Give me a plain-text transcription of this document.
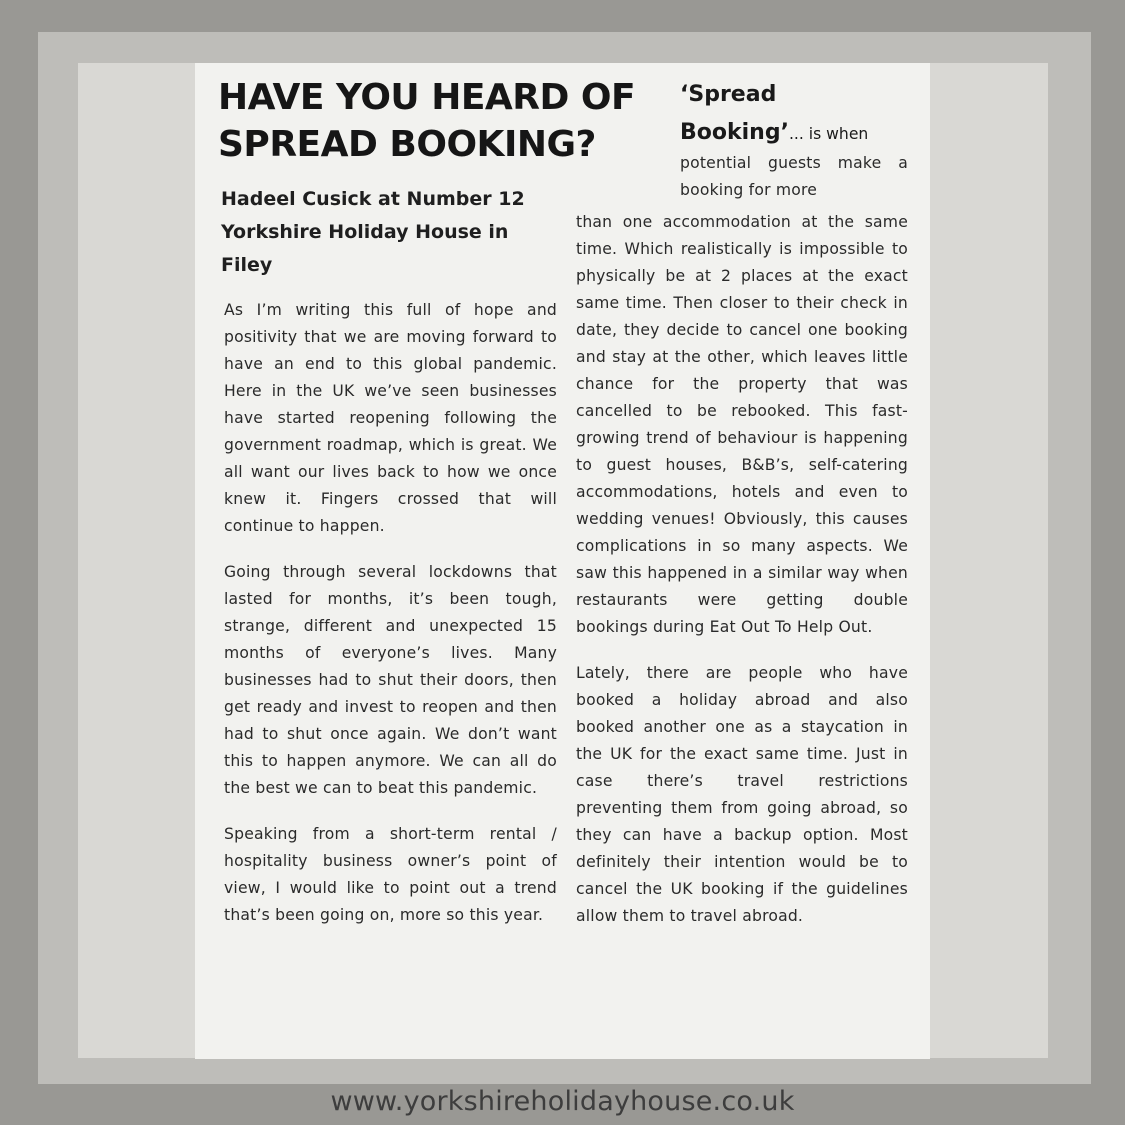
HAVE YOU HEARD OF
SPREAD BOOKING?
Hadeel Cusick at Number 12
Yorkshire Holiday House in
Filey

As I’m writing this full of hope and positivity that we are moving forward to have an end to this global pandemic. Here in the UK we’ve seen businesses have started reopening following the government roadmap, which is great. We all want our lives back to how we once knew it. Fingers crossed that will continue to happen.

Going through several lockdowns that lasted for months, it’s been tough, strange, different and unexpected 15 months of everyone’s lives. Many businesses had to shut their doors, then get ready and invest to reopen and then had to shut once again. We don’t want this to happen anymore. We can all do the best we can to beat this pandemic.

Speaking from a short-term rental / hospitality business owner’s point of view, I would like to point out a trend that’s been going on, more so this year.

‘Spread
Booking’... is when
potential guests make a booking for more

than one accommodation at the same time. Which realistically is impossible to physically be at 2 places at the exact same time. Then closer to their check in date, they decide to cancel one booking and stay at the other, which leaves little chance for the property that was cancelled to be rebooked. This fast-growing trend of behaviour is happening to guest houses, B&B’s, self-catering accommodations, hotels and even to wedding venues! Obviously, this causes complications in so many aspects. We saw this happened in a similar way when restaurants were getting double bookings during Eat Out To Help Out.

Lately, there are people who have booked a holiday abroad and also booked another one as a staycation in the UK for the exact same time. Just in case there’s travel restrictions preventing them from going abroad, so they can have a backup option. Most definitely their intention would be to cancel the UK booking if the guidelines allow them to travel abroad.

www.yorkshireholidayhouse.co.uk
